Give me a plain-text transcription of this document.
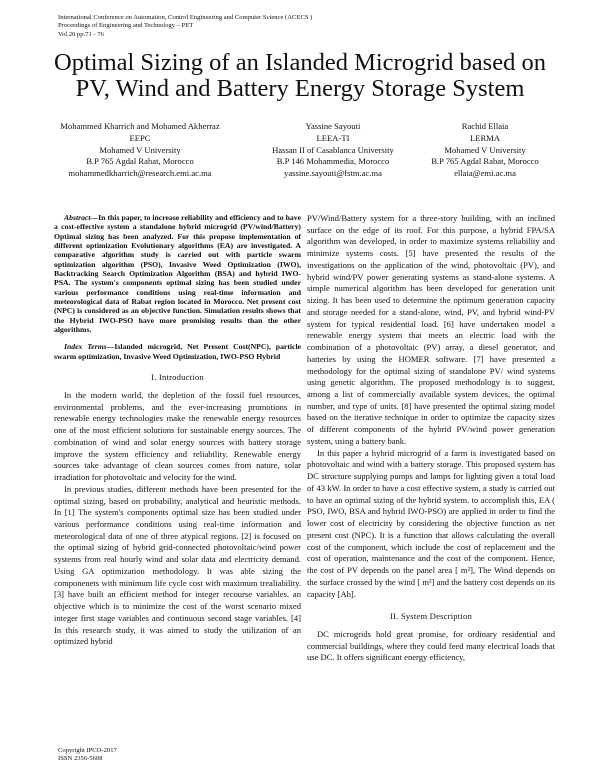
International Conference on Automation, Control Engineering and Computer Science (ACECS )
Proceedings of Engineering and Technology – PET
Vol.20 pp.71 - 76
Optimal Sizing of an Islanded Microgrid based on PV, Wind and Battery Energy Storage System
Mohammed Kharrich and Mohamed Akherraz
EEPC
Mohamed V University
B.P 765 Agdal Rabat, Morocco
mohammedkharrich@research.emi.ac.ma
Yassine Sayouti
LEEA-TI
Hassan II of Casablanca University
B.P 146 Mohammedia, Morocco
yassine.sayouti@fstm.ac.ma
Rachid Ellaia
LERMA
Mohamed V University
B.P 765 Agdal Rabat, Morocco
ellaia@emi.ac.ma

Abstract—In this paper, to increase reliability and efficiency and to have a cost-effective system a standalone hybrid microgrid (PV/wind/Battery) Optimal sizing has been analyzed. For this propose implementation of different optimization Evolutionary algorithms (EA) are investigated. A comparative algorithm study is carried out with particle swarm optimization algorithm (PSO), Invasive Weed Optimization (IWO), Backtracking Search Optimization Algorithm (BSA) and hybrid IWO-PSA. The system's components optimal sizing has been studied under various performance conditions using real-time information and meteorological data of Rabat region located in Morocco. Net present cost (NPC) is considered as an objective function. Simulation results shows that the Hybrid IWO-PSO have more promising results than the other algorithms.

Index Terms—Islanded microgrid, Net Present Cost(NPC), particle swarm optimization, Invasive Weed Optimization, IWO-PSO Hybrid

I. Introduction

In the modern world, the depletion of the fossil fuel resources, environmental problems, and the ever-increasing promotions in renewable energy technologies make the renewable energy resources one of the most efficient solutions for sustainable energy sources. The combination of wind and solar energy sources with battery storage improve the system efficiency and reliability. Renewable energy sources take advantage of clean sources comes from nature, solar irradiation for photovoltaic and velocity for the wind.

In previous studies, different methods have been presented for the optimal sizing, based on probability, analytical and heuristic methods. In [1] The system's components optimal size has been studied under various performance conditions using real-time information and meteorological data of one of three atypical regions. [2] is focused on the optimal sizing of hybrid grid-connected photovoltaic/wind power systems from real hourly wind and solar data and electricity demand. Using GA optimization methodology. It was able sizing the componenets with minimum life cycle cost with maximum trealiability. [3] have built an efficient method for integer recourse variables. an objective which is to minimize the cost of the worst scenario mixed integer first stage variables and continuous second stage variables. [4] In this research study, it was aimed to study the utilization of an optimized hybrid

PV/Wind/Battery system for a three-story building, with an inclined surface on the edge of its roof. For this purpose, a hybrid FPA/SA algorithm was developed, in order to maximize systems reliability and minimize systems costs. [5] have presented the results of the investigations on the application of the wind, photovoltaic (PV), and hybrid wind/PV power generating systems as stand-alone systems. A simple numerical algorithm has been developed for generation unit sizing. It has been used to determine the optimum generation capacity and storage needed for a stand-alone, wind, PV, and hybrid wind-PV system for typical residential load. [6] have undertaken model a renewable energy system that meets an electric load with the combination of a photovoltaic (PV) array, a diesel generator, and batteries by using the HOMER software. [7] have presented a methodology for the optimal sizing of standalone PV/ wind systems using genetic algorithm. The proposed methodology is to suggest, among a list of commercially available system devices, the optimal number, and type of units. [8] have presented the optimal sizing model based on the iterative technique in order to optimize the capacity sizes of different components of the hybrid PV/wind power generation system, using a battery bank.

In this paper a hybrid microgrid of a farm is investigated based on photovoltaic and wind with a battery storage. This proposed system has DC structure supplying pumps and lamps for lighting given a total load of 43 kW. In order to have a cost effective system, a study is carried out to have an optimal sizing of the hybrid system. to accomplish this, EA ( PSO, IWO, BSA and hybrid IWO-PSO) are applied in order to find the lower cost of electricity by considering the objective function as net present cost (NPC). It is a function that allows calculating the overall cost of the component, which include the cost of replacement and the cost of operation, maintenance and the cost of the component. Hence, the cost of PV depends on the panel area [ m²], The Wind depends on the surface crossed by the wind [ m²] and the battery cost depends on its capacity [Ah].

II. System Description

DC microgrids hold great promise, for ordinary residential and commercial buildings, where they could feed many electrical loads that use DC. It offers significant energy efficiency,

Copyright IPCO-2017
ISSN 2356-5608
